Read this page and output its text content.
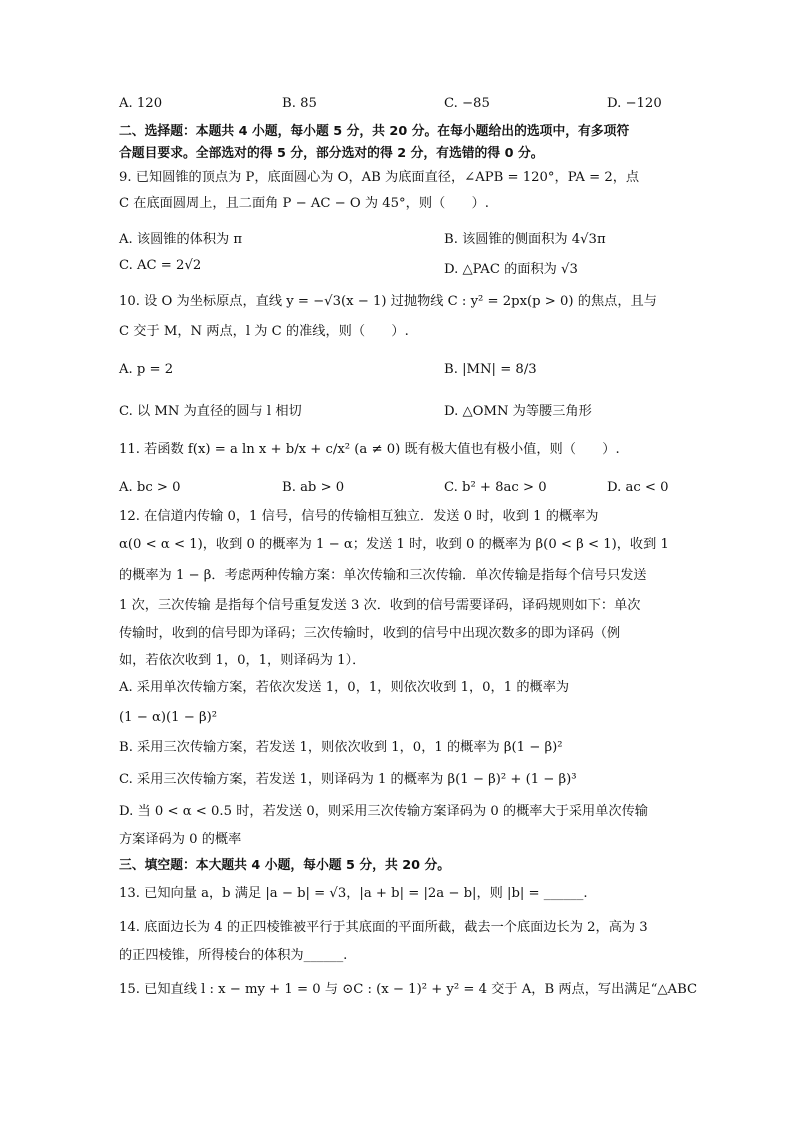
A. 120	B. 85	C. −85	D. −120
二、选择题：本题共 4 小题，每小题 5 分，共 20 分。在每小题给出的选项中，有多项符
合题目要求。全部选对的得 5 分，部分选对的得 2 分，有选错的得 0 分。
9. 已知圆锥的顶点为 P，底面圆心为 O，AB 为底面直径，∠APB = 120°，PA = 2，点
C 在底面圆周上，且二面角 P − AC − O 为 45°，则（　　）.
A. 该圆锥的体积为 π	B. 该圆锥的侧面积为 4√3π
C. AC = 2√2	D. △PAC 的面积为 √3
10. 设 O 为坐标原点，直线 y = −√3(x − 1) 过抛物线 C : y² = 2px(p > 0) 的焦点，且与
C 交于 M，N 两点，l 为 C 的准线，则（　　）.
A. p = 2	B. |MN| = 8/3
C. 以 MN 为直径的圆与 l 相切	D. △OMN 为等腰三角形
11. 若函数 f(x) = a ln x + b/x + c/x² (a ≠ 0) 既有极大值也有极小值，则（　　）.
A. bc > 0	B. ab > 0	C. b² + 8ac > 0	D. ac < 0
12. 在信道内传输 0，1 信号，信号的传输相互独立．发送 0 时，收到 1 的概率为
α(0 < α < 1)，收到 0 的概率为 1 − α；发送 1 时，收到 0 的概率为 β(0 < β < 1)，收到 1
的概率为 1 − β．考虑两种传输方案：单次传输和三次传输．单次传输是指每个信号只发送
1 次，三次传输 是指每个信号重复发送 3 次．收到的信号需要译码，译码规则如下：单次
传输时，收到的信号即为译码；三次传输时，收到的信号中出现次数多的即为译码（例
如，若依次收到 1，0，1，则译码为 1）．
A. 采用单次传输方案，若依次发送 1，0，1，则依次收到 1，0，1 的概率为
(1 − α)(1 − β)²
B. 采用三次传输方案，若发送 1，则依次收到 1，0，1 的概率为 β(1 − β)²
C. 采用三次传输方案，若发送 1，则译码为 1 的概率为 β(1 − β)² + (1 − β)³
D. 当 0 < α < 0.5 时，若发送 0，则采用三次传输方案译码为 0 的概率大于采用单次传输
方案译码为 0 的概率
三、填空题：本大题共 4 小题，每小题 5 分，共 20 分。
13. 已知向量 a，b 满足 |a − b| = √3，|a + b| = |2a − b|，则 |b| = ______.
14. 底面边长为 4 的正四棱锥被平行于其底面的平面所截，截去一个底面边长为 2，高为 3
的正四棱锥，所得棱台的体积为______.
15. 已知直线 l : x − my + 1 = 0 与 ⊙C : (x − 1)² + y² = 4 交于 A，B 两点，写出满足“△ABC
